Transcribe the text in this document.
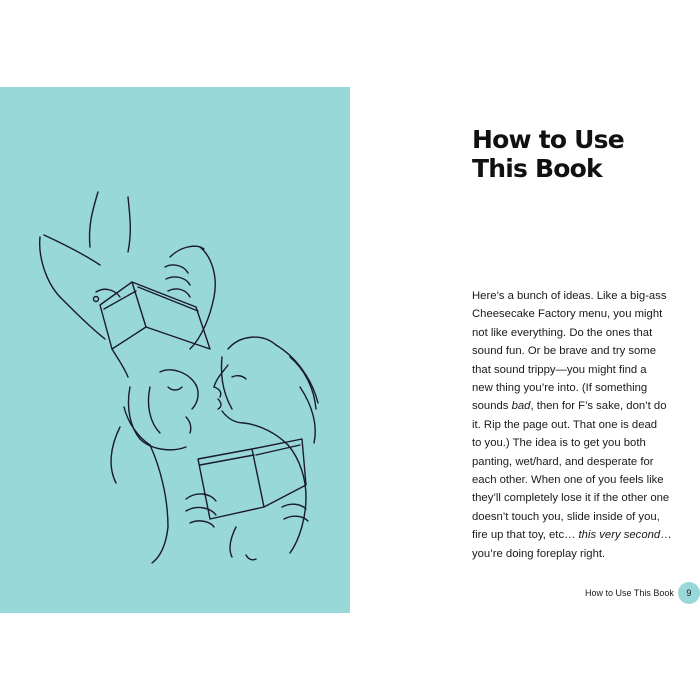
How to Use
This Book

Here’s a bunch of ideas. Like a big-ass
Cheesecake Factory menu, you might
not like everything. Do the ones that
sound fun. Or be brave and try some
that sound trippy—you might find a
new thing you’re into. (If something
sounds bad, then for F’s sake, don’t do
it. Rip the page out. That one is dead
to you.) The idea is to get you both
panting, wet/hard, and desperate for
each other. When one of you feels like
they’ll completely lose it if the other one
doesn’t touch you, slide inside of you,
fire up that toy, etc… this very second…
you’re doing foreplay right.

How to Use This Book	9
